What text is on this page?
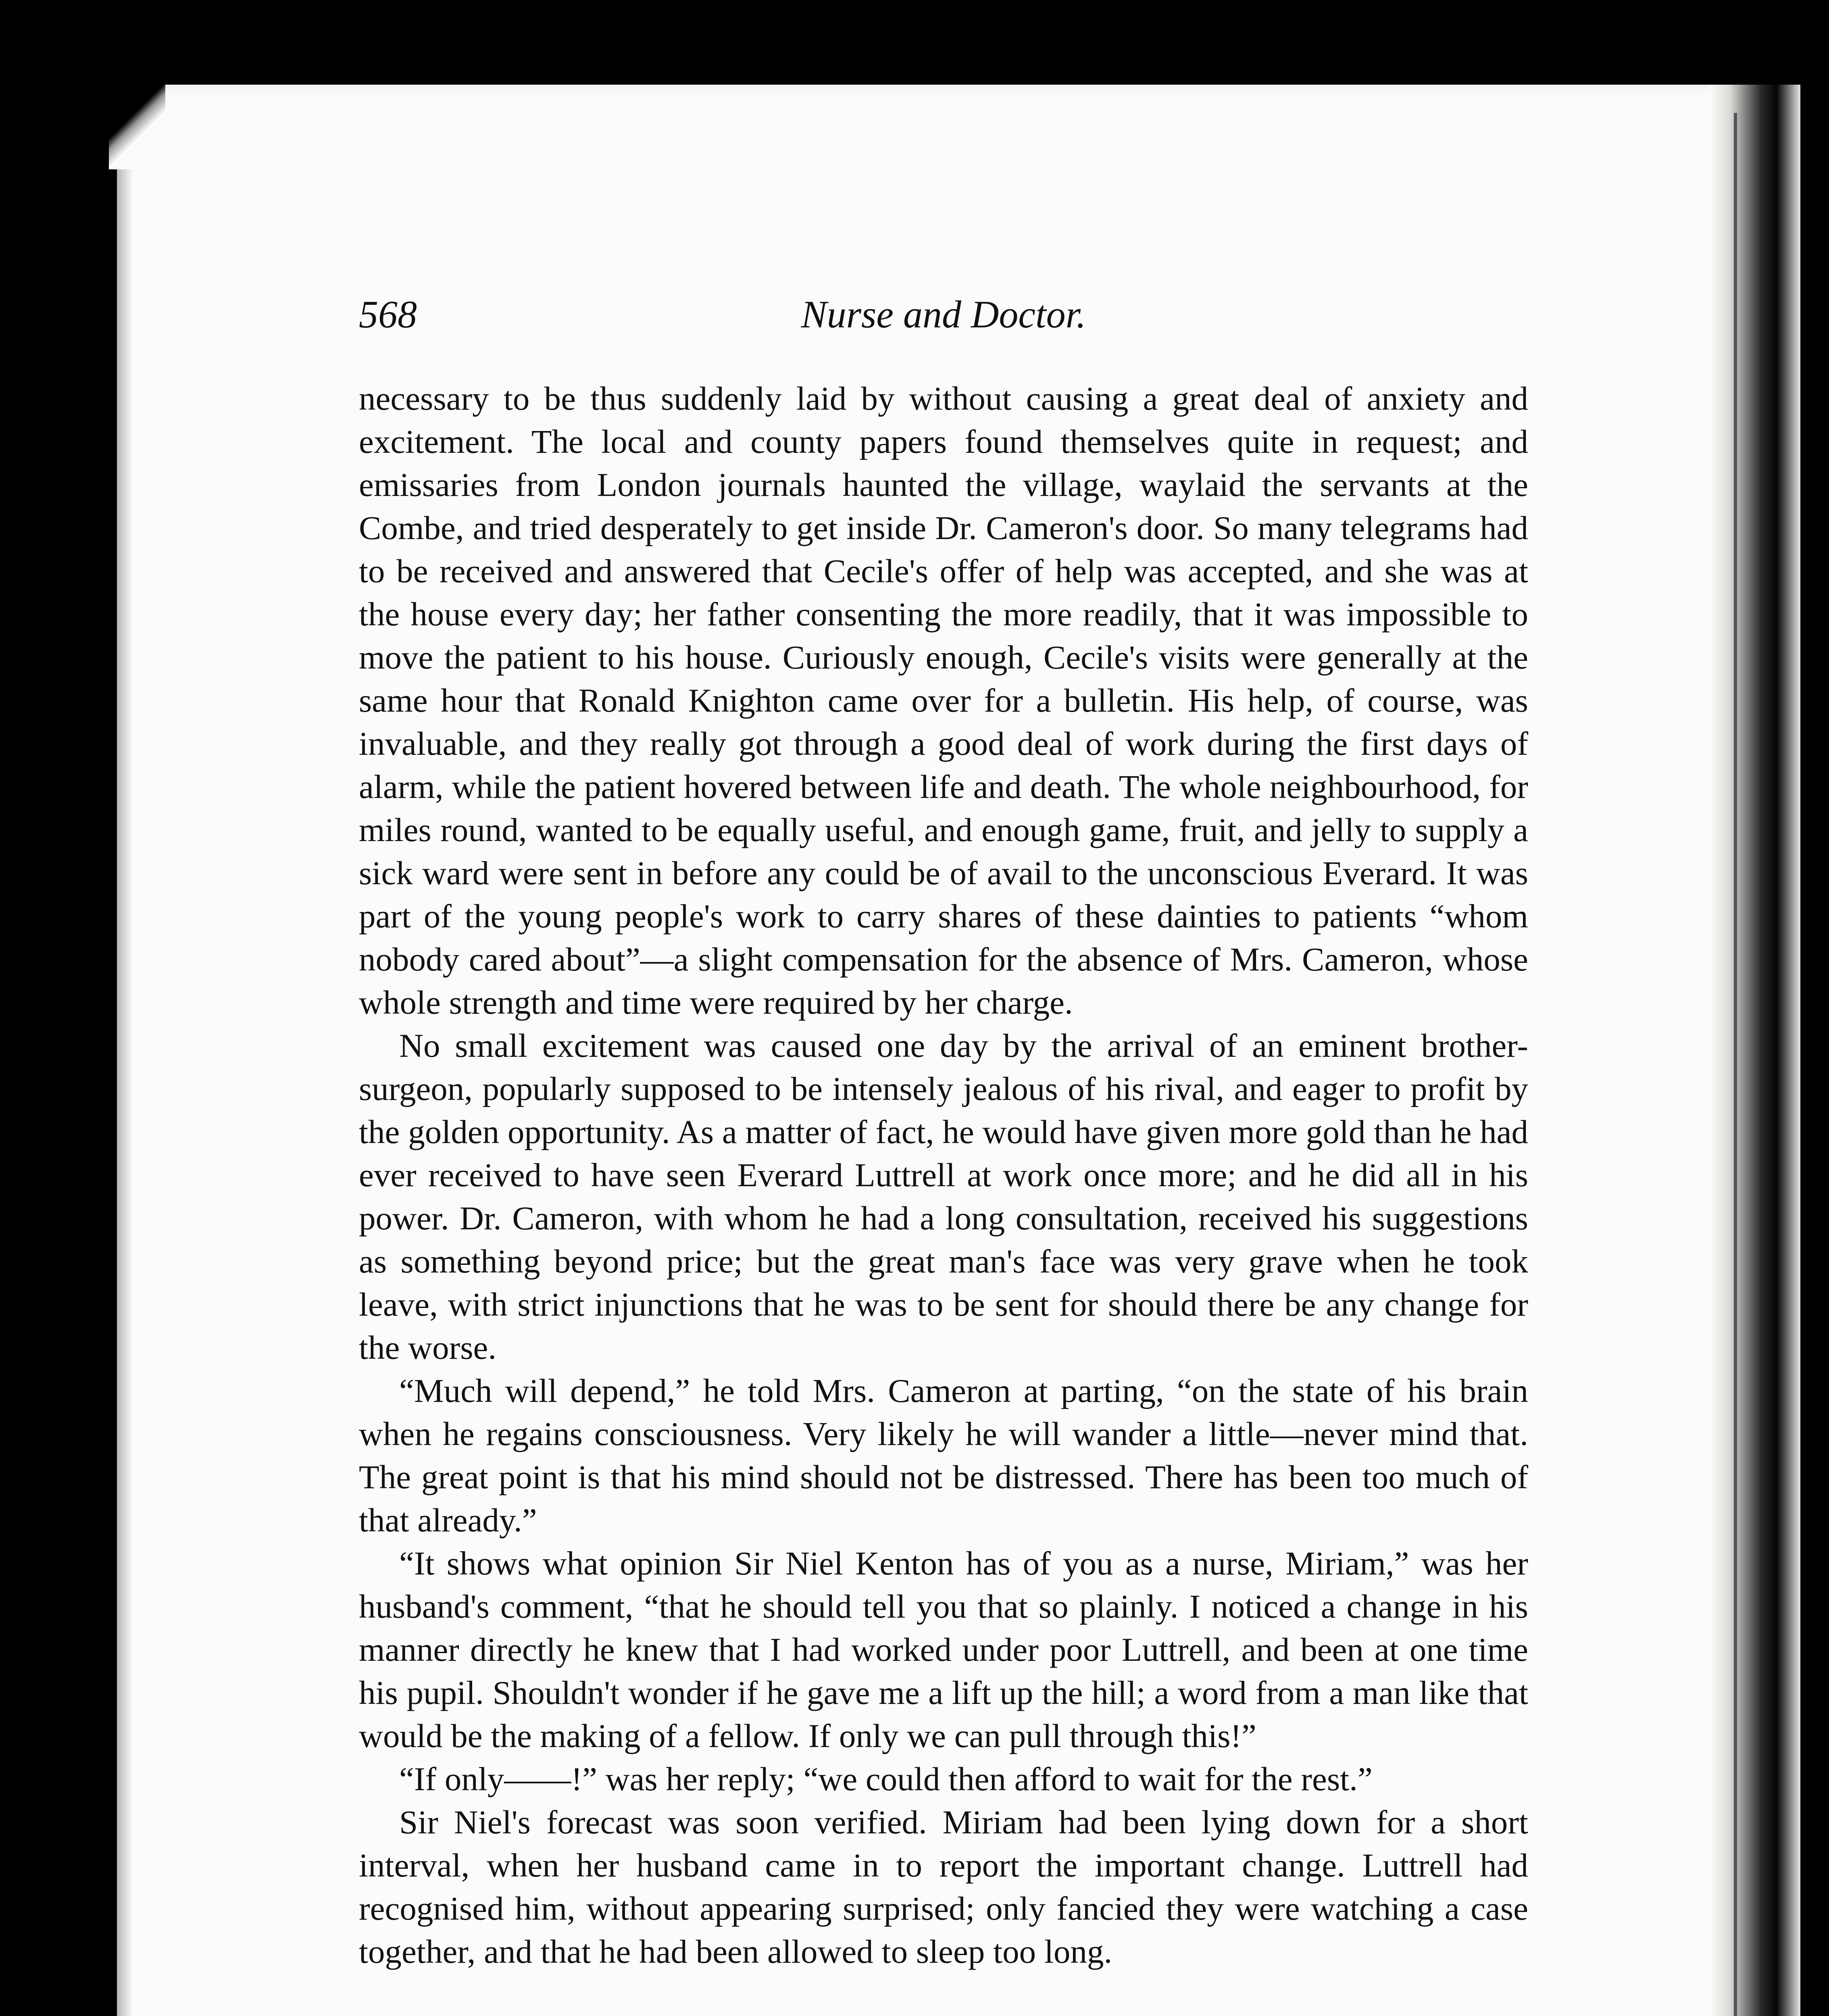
568	Nurse and Doctor.

necessary to be thus suddenly laid by without causing a great deal of anxiety and excitement. The local and county papers found themselves quite in request; and emissaries from London journals haunted the village, waylaid the servants at the Combe, and tried desperately to get inside Dr. Cameron's door. So many telegrams had to be received and answered that Cecile's offer of help was accepted, and she was at the house every day; her father consenting the more readily, that it was impossible to move the patient to his house. Curiously enough, Cecile's visits were generally at the same hour that Ronald Knighton came over for a bulletin. His help, of course, was invaluable, and they really got through a good deal of work during the first days of alarm, while the patient hovered between life and death. The whole neighbourhood, for miles round, wanted to be equally useful, and enough game, fruit, and jelly to supply a sick ward were sent in before any could be of avail to the unconscious Everard. It was part of the young people's work to carry shares of these dainties to patients “whom nobody cared about”—a slight compensation for the absence of Mrs. Cameron, whose whole strength and time were required by her charge.

No small excitement was caused one day by the arrival of an eminent brother-surgeon, popularly supposed to be intensely jealous of his rival, and eager to profit by the golden opportunity. As a matter of fact, he would have given more gold than he had ever received to have seen Everard Luttrell at work once more; and he did all in his power. Dr. Cameron, with whom he had a long consultation, received his suggestions as something beyond price; but the great man's face was very grave when he took leave, with strict injunctions that he was to be sent for should there be any change for the worse.

“Much will depend,” he told Mrs. Cameron at parting, “on the state of his brain when he regains consciousness. Very likely he will wander a little—never mind that. The great point is that his mind should not be distressed. There has been too much of that already.”

“It shows what opinion Sir Niel Kenton has of you as a nurse, Miriam,” was her husband's comment, “that he should tell you that so plainly. I noticed a change in his manner directly he knew that I had worked under poor Luttrell, and been at one time his pupil. Shouldn't wonder if he gave me a lift up the hill; a word from a man like that would be the making of a fellow. If only we can pull through this!”

“If only——!” was her reply; “we could then afford to wait for the rest.”

Sir Niel's forecast was soon verified. Miriam had been lying down for a short interval, when her husband came in to report the important change. Luttrell had recognised him, without appearing surprised; only fancied they were watching a case together, and that he had been allowed to sleep too long.
